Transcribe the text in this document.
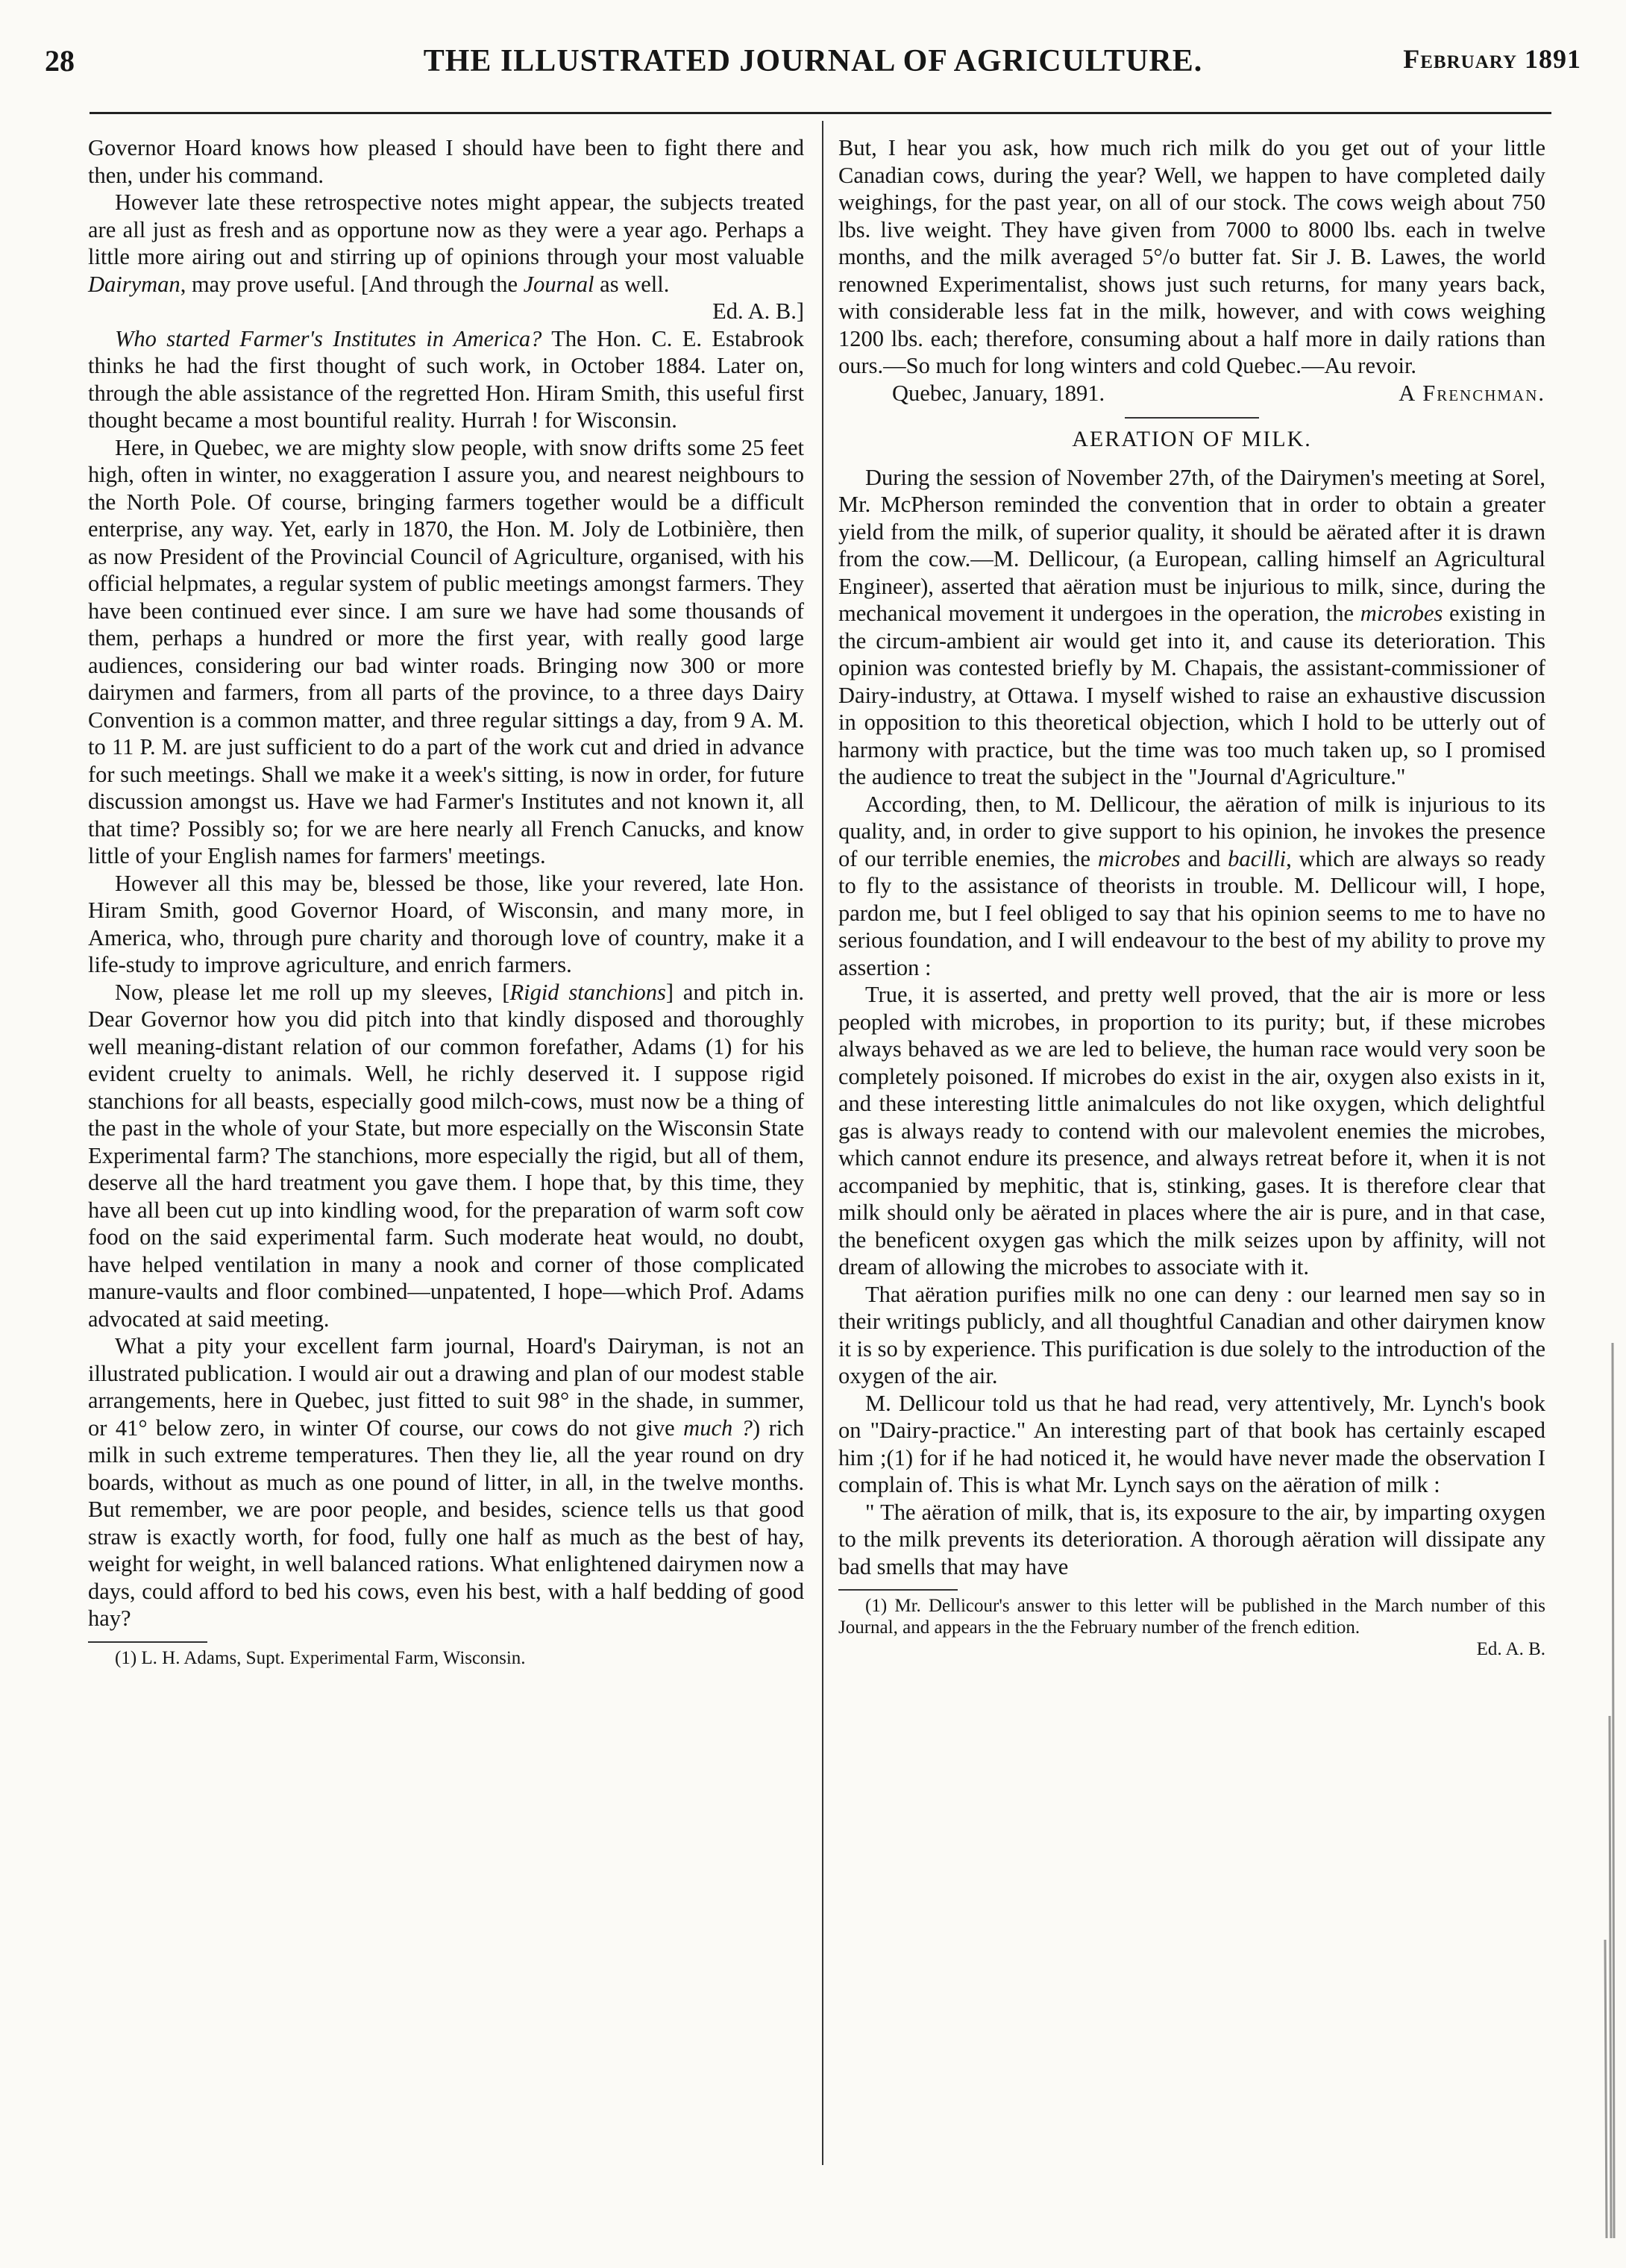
28	THE ILLUSTRATED JOURNAL OF AGRICULTURE.	February 1891

Governor Hoard knows how pleased I should have been to fight there and then, under his command.

However late these retrospective notes might appear, the subjects treated are all just as fresh and as opportune now as they were a year ago. Perhaps a little more airing out and stirring up of opinions through your most valuable Dairyman, may prove useful. [And through the Journal as well.

Ed. A. B.]

Who started Farmer's Institutes in America? The Hon. C. E. Estabrook thinks he had the first thought of such work, in October 1884. Later on, through the able assistance of the regretted Hon. Hiram Smith, this useful first thought became a most bountiful reality. Hurrah ! for Wisconsin.

Here, in Quebec, we are mighty slow people, with snow drifts some 25 feet high, often in winter, no exaggeration I assure you, and nearest neighbours to the North Pole. Of course, bringing farmers together would be a difficult enterprise, any way. Yet, early in 1870, the Hon. M. Joly de Lotbinière, then as now President of the Provincial Council of Agriculture, organised, with his official helpmates, a regular system of public meetings amongst farmers. They have been continued ever since. I am sure we have had some thousands of them, perhaps a hundred or more the first year, with really good large audiences, considering our bad winter roads. Bringing now 300 or more dairymen and farmers, from all parts of the province, to a three days Dairy Convention is a common matter, and three regular sittings a day, from 9 A. M. to 11 P. M. are just sufficient to do a part of the work cut and dried in advance for such meetings. Shall we make it a week's sitting, is now in order, for future discussion amongst us. Have we had Farmer's Institutes and not known it, all that time? Possibly so; for we are here nearly all French Canucks, and know little of your English names for farmers' meetings.

However all this may be, blessed be those, like your revered, late Hon. Hiram Smith, good Governor Hoard, of Wisconsin, and many more, in America, who, through pure charity and thorough love of country, make it a life-study to improve agriculture, and enrich farmers.

Now, please let me roll up my sleeves, [Rigid stanchions] and pitch in. Dear Governor how you did pitch into that kindly disposed and thoroughly well meaning-distant relation of our common forefather, Adams (1) for his evident cruelty to animals. Well, he richly deserved it. I suppose rigid stanchions for all beasts, especially good milch-cows, must now be a thing of the past in the whole of your State, but more especially on the Wisconsin State Experimental farm? The stanchions, more especially the rigid, but all of them, deserve all the hard treatment you gave them. I hope that, by this time, they have all been cut up into kindling wood, for the preparation of warm soft cow food on the said experimental farm. Such moderate heat would, no doubt, have helped ventilation in many a nook and corner of those complicated manure-vaults and floor combined—unpatented, I hope—which Prof. Adams advocated at said meeting.

What a pity your excellent farm journal, Hoard's Dairyman, is not an illustrated publication. I would air out a drawing and plan of our modest stable arrangements, here in Quebec, just fitted to suit 98° in the shade, in summer, or 41° below zero, in winter Of course, our cows do not give much ?) rich milk in such extreme temperatures. Then they lie, all the year round on dry boards, without as much as one pound of litter, in all, in the twelve months. But remember, we are poor people, and besides, science tells us that good straw is exactly worth, for food, fully one half as much as the best of hay, weight for weight, in well balanced rations. What enlightened dairymen now a days, could afford to bed his cows, even his best, with a half bedding of good hay?

(1) L. H. Adams, Supt. Experimental Farm, Wisconsin.

But, I hear you ask, how much rich milk do you get out of your little Canadian cows, during the year? Well, we happen to have completed daily weighings, for the past year, on all of our stock. The cows weigh about 750 lbs. live weight. They have given from 7000 to 8000 lbs. each in twelve months, and the milk averaged 5°/o butter fat. Sir J. B. Lawes, the world renowned Experimentalist, shows just such returns, for many years back, with considerable less fat in the milk, however, and with cows weighing 1200 lbs. each; therefore, consuming about a half more in daily rations than ours.—So much for long winters and cold Quebec.—Au revoir.

Quebec, January, 1891.	A Frenchman.
AERATION OF MILK.

During the session of November 27th, of the Dairymen's meeting at Sorel, Mr. McPherson reminded the convention that in order to obtain a greater yield from the milk, of superior quality, it should be aërated after it is drawn from the cow.—M. Dellicour, (a European, calling himself an Agricultural Engineer), asserted that aëration must be injurious to milk, since, during the mechanical movement it undergoes in the operation, the microbes existing in the circum-ambient air would get into it, and cause its deterioration. This opinion was contested briefly by M. Chapais, the assistant-commissioner of Dairy-industry, at Ottawa. I myself wished to raise an exhaustive discussion in opposition to this theoretical objection, which I hold to be utterly out of harmony with practice, but the time was too much taken up, so I promised the audience to treat the subject in the "Journal d'Agriculture."

According, then, to M. Dellicour, the aëration of milk is injurious to its quality, and, in order to give support to his opinion, he invokes the presence of our terrible enemies, the microbes and bacilli, which are always so ready to fly to the assistance of theorists in trouble. M. Dellicour will, I hope, pardon me, but I feel obliged to say that his opinion seems to me to have no serious foundation, and I will endeavour to the best of my ability to prove my assertion :

True, it is asserted, and pretty well proved, that the air is more or less peopled with microbes, in proportion to its purity; but, if these microbes always behaved as we are led to believe, the human race would very soon be completely poisoned. If microbes do exist in the air, oxygen also exists in it, and these interesting little animalcules do not like oxygen, which delightful gas is always ready to contend with our malevolent enemies the microbes, which cannot endure its presence, and always retreat before it, when it is not accompanied by mephitic, that is, stinking, gases. It is therefore clear that milk should only be aërated in places where the air is pure, and in that case, the beneficent oxygen gas which the milk seizes upon by affinity, will not dream of allowing the microbes to associate with it.

That aëration purifies milk no one can deny : our learned men say so in their writings publicly, and all thoughtful Canadian and other dairymen know it is so by experience. This purification is due solely to the introduction of the oxygen of the air.

M. Dellicour told us that he had read, very attentively, Mr. Lynch's book on "Dairy-practice." An interesting part of that book has certainly escaped him ;(1) for if he had noticed it, he would have never made the observation I complain of. This is what Mr. Lynch says on the aëration of milk :

" The aëration of milk, that is, its exposure to the air, by imparting oxygen to the milk prevents its deterioration. A thorough aëration will dissipate any bad smells that may have

(1) Mr. Dellicour's answer to this letter will be published in the March number of this Journal, and appears in the the February number of the french edition.
Ed. A. B.
